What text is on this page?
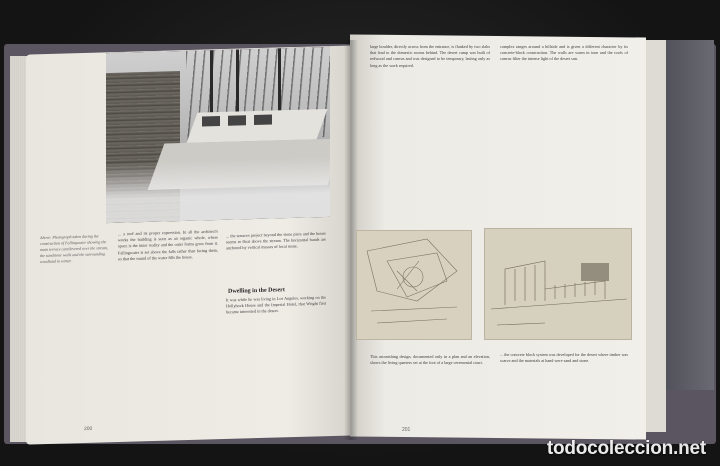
Above: Photograph taken during the construction of Fallingwater showing the main terrace cantilevered over the stream, the sandstone walls and the surrounding woodland in winter.
... a roof and its proper expression. In all the architect's works the building is seen as an organic whole, where space is the inner reality and the outer forms grow from it. Fallingwater is set above the falls rather than facing them, so that the sound of the water fills the house.
... the terraces project beyond the stone piers and the house seems to float above the stream. The horizontal bands are anchored by vertical masses of local stone.
Dwelling in the Desert
It was while he was living in Los Angeles, working on the Hollyhock House and the Imperial Hotel, that Wright first became interested in the desert.
200
large boulder, directly across from the entrance, is flanked by two slabs that lead to the domestic rooms behind. The desert camp was built of redwood and canvas and was designed to be temporary, lasting only as long as the work required.
complex ranges around a hillside and is given a different character by its concrete-block construction. The walls are warm in tone and the roofs of canvas filter the intense light of the desert sun.
This astonishing design, documented only in a plan and an elevation, shows the living quarters set at the foot of a large ceremonial court.
... the concrete block system was developed for the desert where timber was scarce and the materials at hand were sand and stone.
201
todocoleccion.net
